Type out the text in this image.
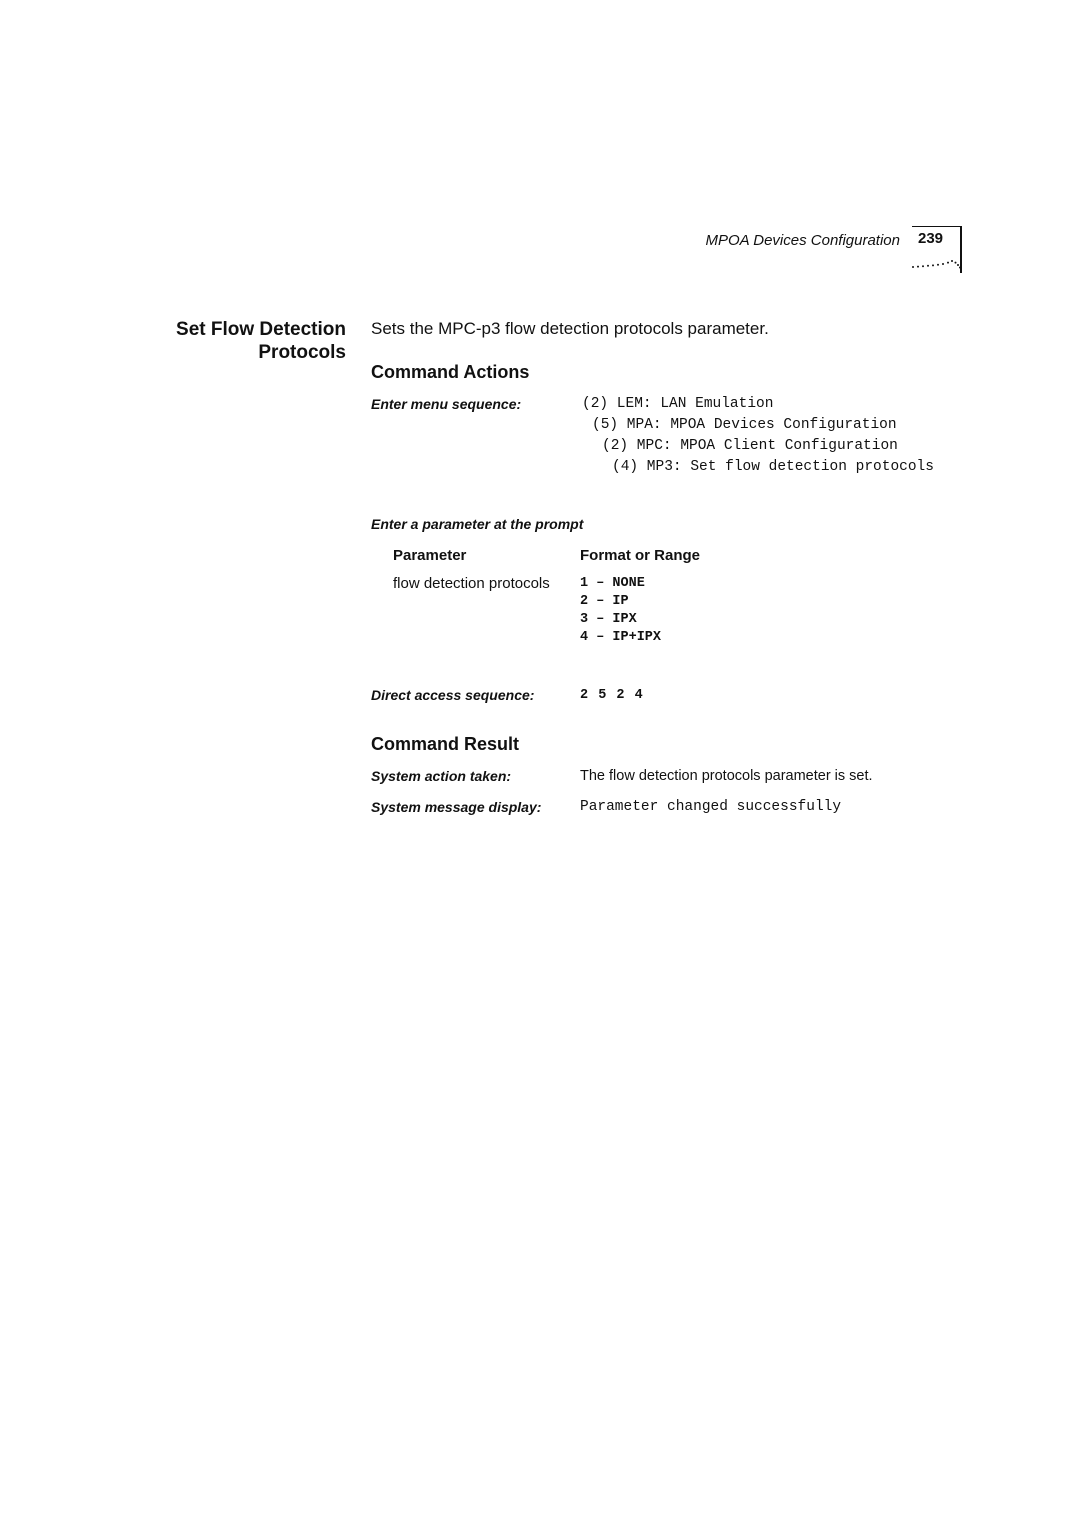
MPOA Devices Configuration 239
Set Flow Detection
Protocols
Sets the MPC-p3 flow detection protocols parameter.
Command Actions
Enter menu sequence:	(2) LEM: LAN Emulation
(5) MPA: MPOA Devices Configuration
(2) MPC: MPOA Client Configuration
(4) MP3: Set flow detection protocols
Enter a parameter at the prompt
Parameter	Format or Range
flow detection protocols 1 – NONE
2 – IP
3 – IPX
4 – IP+IPX
Direct access sequence:	2 5 2 4
Command Result
System action taken:	The flow detection protocols parameter is set.
System message display:	Parameter changed successfully
